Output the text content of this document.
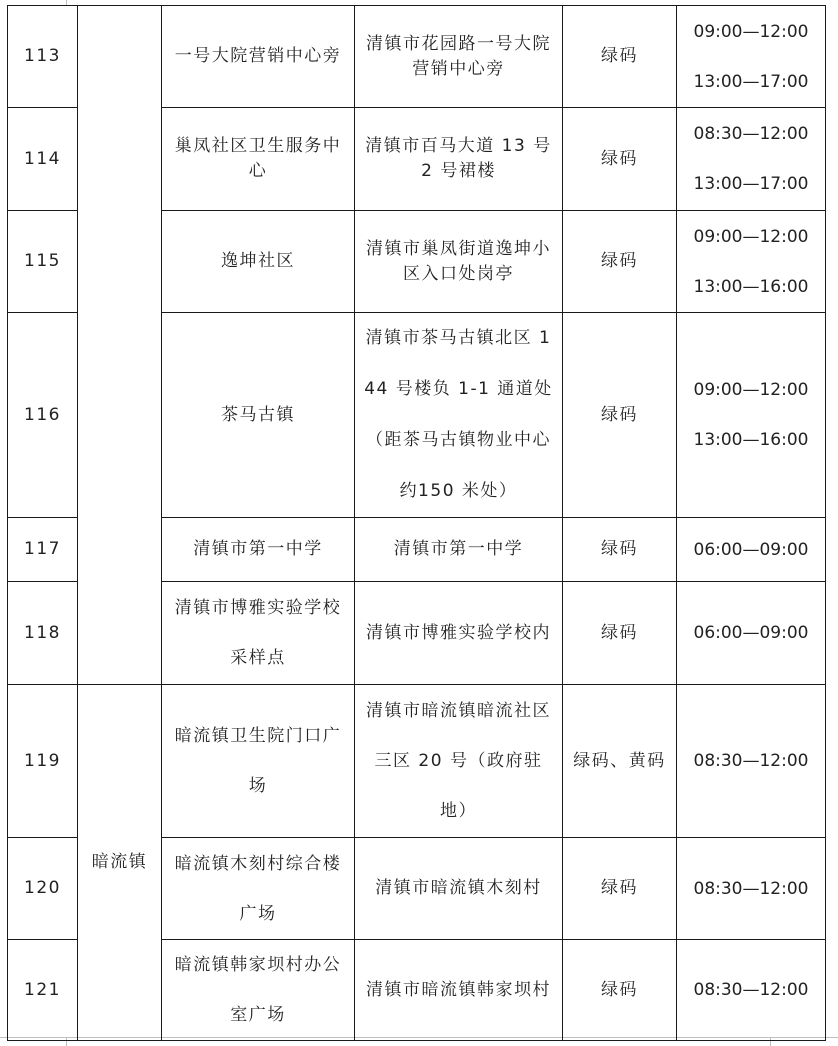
113		一号大院营销中心旁	清镇市花园路一号大院营销中心旁	绿码	09:00—12:00
13:00—17:00

114		巢凤社区卫生服务中心	清镇市百马大道 13 号 2 号裙楼	绿码	08:30—12:00
13:00—17:00

115		逸坤社区	清镇市巢凤街道逸坤小区入口处岗亭	绿码	09:00—12:00
13:00—16:00

116		茶马古镇	清镇市茶马古镇北区 144 号楼负 1-1 通道处（距茶马古镇物业中心约150 米处）	绿码	09:00—12:00
13:00—16:00

117		清镇市第一中学	清镇市第一中学	绿码	06:00—09:00

118		清镇市博雅实验学校采样点	清镇市博雅实验学校内	绿码	06:00—09:00

119	暗流镇	暗流镇卫生院门口广场	清镇市暗流镇暗流社区三区 20 号（政府驻地）	绿码、黄码	08:30—12:00

120		暗流镇木刻村综合楼广场	清镇市暗流镇木刻村	绿码	08:30—12:00

121		暗流镇韩家坝村办公室广场	清镇市暗流镇韩家坝村	绿码	08:30—12:00
